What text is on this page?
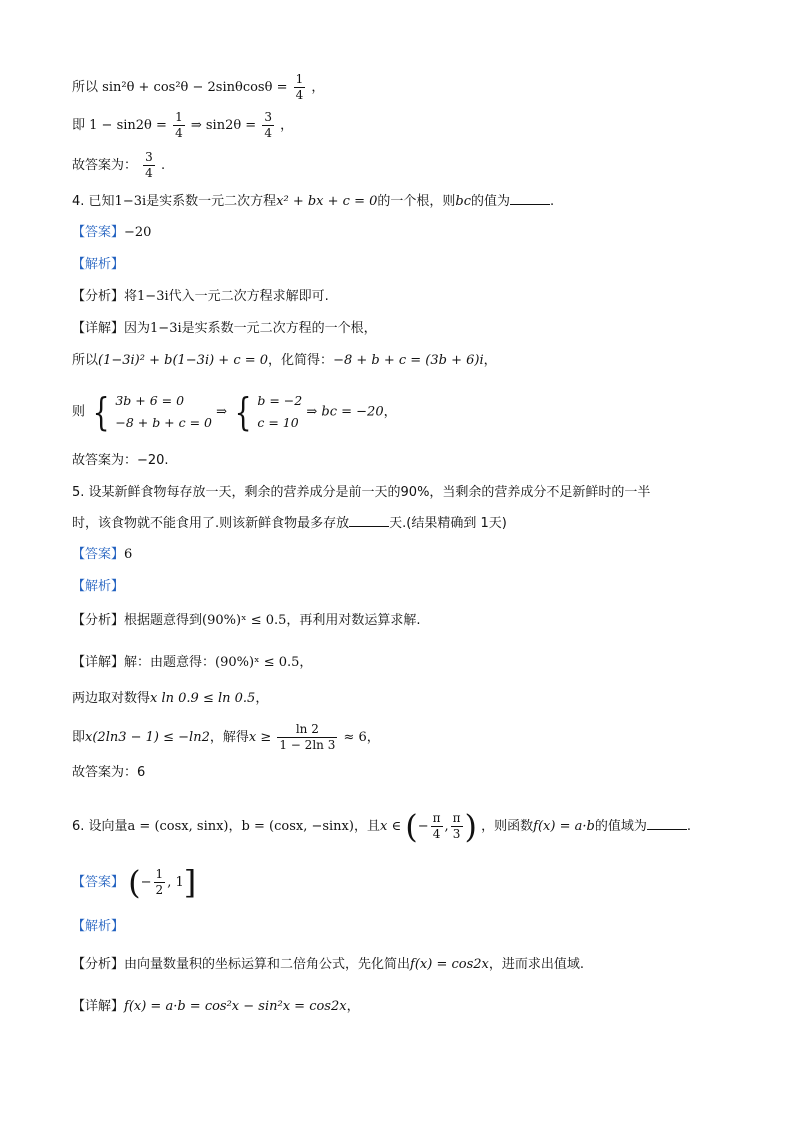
所以 $\sin^2\theta + \cos^2\theta - 2\sin\theta\cos\theta = \frac{1}{4}$ ，
即 $1 - \sin 2\theta = \frac{1}{4}$ ⇒ $\sin 2\theta = \frac{3}{4}$ ，
故答案为： $\frac{3}{4}$ .
4. 已知1−3i是实系数一元二次方程x² + bx + c = 0的一个根，则bc的值为	.
【答案】−20
【解析】
【分析】将1−3i代入一元二次方程求解即可.
【详解】因为1−3i是实系数一元二次方程的一个根，
所以(1−3i)² + b(1−3i) + c = 0，化简得：−8 + b + c = (3b + 6)i，
则 { 3b + 6 = 0
−8 + b + c = 0
⇒ { b = −2
c = 10
⇒ bc = −20，
故答案为：−20.
5. 设某新鲜食物每存放一天，剩余的营养成分是前一天的90%，当剩余的营养成分不足新鲜时的一半
时，该食物就不能食用了.则该新鲜食物最多存放	天.(结果精确到 1天)
【答案】6
【解析】
【分析】根据题意得到(90%)ˣ ≤ 0.5，再利用对数运算求解.
【详解】解：由题意得：(90%)ˣ ≤ 0.5，
两边取对数得x ln 0.9 ≤ ln 0.5，
即x(2ln3 − 1) ≤ −ln2，解得$x \ge \frac{\ln 2}{1 - 2\ln 3} \approx 6$，
故答案为：6
6. 设向量a = (cosx, sinx)，b = (cosx, −sinx)，且x ∈ (− $\frac{\pi}{4}$ , $\frac{\pi}{3}$ ) ，则函数f(x) = a·b的值域为	.
【答案】 (− $\frac{1}{2}$ , 1]
【解析】
【分析】由向量数量积的坐标运算和二倍角公式，先化简出f(x) = cos2x，进而求出值域.
【详解】f(x) = a·b = cos²x − sin²x = cos2x，
